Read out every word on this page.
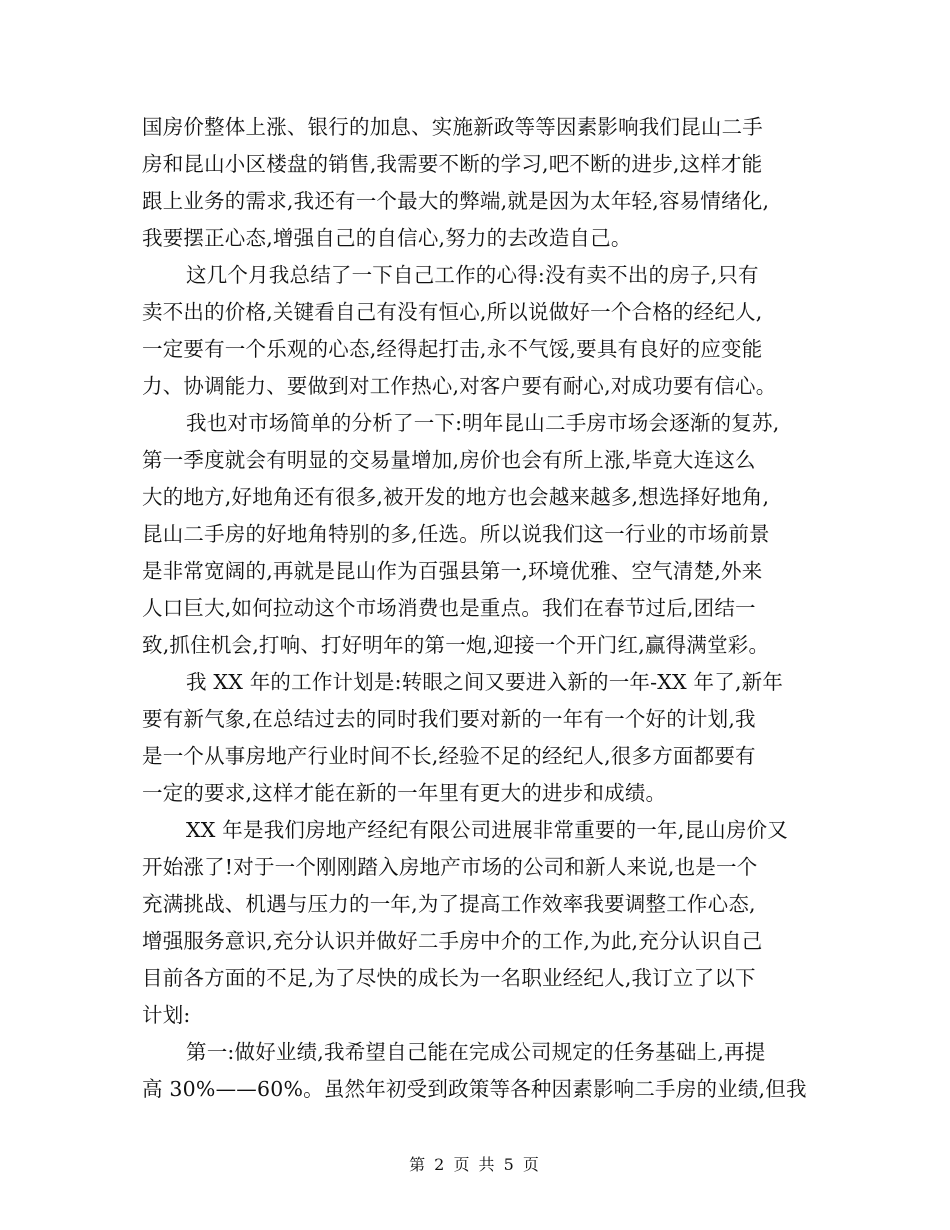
国房价整体上涨、银行的加息、实施新政等等因素影响我们昆山二手
房和昆山小区楼盘的销售,我需要不断的学习,吧不断的进步,这样才能
跟上业务的需求,我还有一个最大的弊端,就是因为太年轻,容易情绪化,
我要摆正心态,增强自己的自信心,努力的去改造自己。
这几个月我总结了一下自己工作的心得:没有卖不出的房子,只有
卖不出的价格,关键看自己有没有恒心,所以说做好一个合格的经纪人,
一定要有一个乐观的心态,经得起打击,永不气馁,要具有良好的应变能
力、协调能力、要做到对工作热心,对客户要有耐心,对成功要有信心。
我也对市场简单的分析了一下:明年昆山二手房市场会逐渐的复苏,
第一季度就会有明显的交易量增加,房价也会有所上涨,毕竟大连这么
大的地方,好地角还有很多,被开发的地方也会越来越多,想选择好地角,
昆山二手房的好地角特别的多,任选。所以说我们这一行业的市场前景
是非常宽阔的,再就是昆山作为百强县第一,环境优雅、空气清楚,外来
人口巨大,如何拉动这个市场消费也是重点。我们在春节过后,团结一
致,抓住机会,打响、打好明年的第一炮,迎接一个开门红,赢得满堂彩。
我 XX 年的工作计划是:转眼之间又要进入新的一年-XX 年了,新年
要有新气象,在总结过去的同时我们要对新的一年有一个好的计划,我
是一个从事房地产行业时间不长,经验不足的经纪人,很多方面都要有
一定的要求,这样才能在新的一年里有更大的进步和成绩。
XX 年是我们房地产经纪有限公司进展非常重要的一年,昆山房价又
开始涨了!对于一个刚刚踏入房地产市场的公司和新人来说,也是一个
充满挑战、机遇与压力的一年,为了提高工作效率我要调整工作心态,
增强服务意识,充分认识并做好二手房中介的工作,为此,充分认识自己
目前各方面的不足,为了尽快的成长为一名职业经纪人,我订立了以下
计划:
第一:做好业绩,我希望自己能在完成公司规定的任务基础上,再提
高 30%——60%。虽然年初受到政策等各种因素影响二手房的业绩,但我
第 2 页 共 5 页
